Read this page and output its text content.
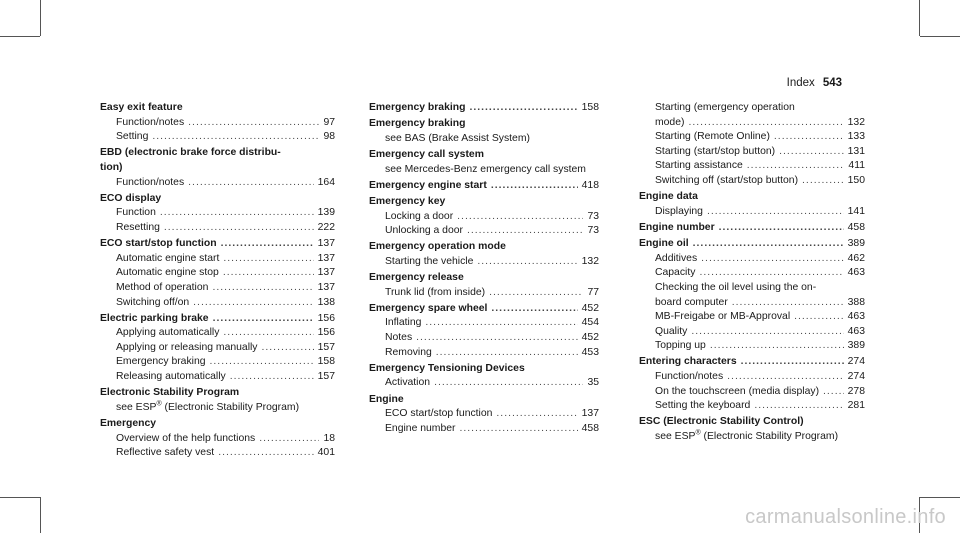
Index 543
Easy exit feature
Function/notes .....	97
Setting .....	98
EBD (electronic brake force distribu-
tion)
Function/notes .....	164
ECO display
Function .....	139
Resetting .....	222
ECO start/stop function .....	137
Automatic engine start .....	137
Automatic engine stop .....	137
Method of operation .....	137
Switching off/on .....	138
Electric parking brake .....	156
Applying automatically .....	156
Applying or releasing manually .....	157
Emergency braking .....	158
Releasing automatically .....	157
Electronic Stability Program
see ESP® (Electronic Stability Program)
Emergency
Overview of the help functions .....	18
Reflective safety vest .....	401
Emergency braking .....	158
Emergency braking
see BAS (Brake Assist System)
Emergency call system
see Mercedes-Benz emergency call system
Emergency engine start .....	418
Emergency key
Locking a door .....	73
Unlocking a door .....	73
Emergency operation mode
Starting the vehicle .....	132
Emergency release
Trunk lid (from inside) .....	77
Emergency spare wheel .....	452
Inflating .....	454
Notes .....	452
Removing .....	453
Emergency Tensioning Devices
Activation .....	35
Engine
ECO start/stop function .....	137
Engine number .....	458
Starting (emergency operation
mode) .....	132
Starting (Remote Online) .....	133
Starting (start/stop button) .....	131
Starting assistance .....	411
Switching off (start/stop button) .....	150
Engine data
Displaying .....	141
Engine number .....	458
Engine oil .....	389
Additives .....	462
Capacity .....	463
Checking the oil level using the on-
board computer .....	388
MB-Freigabe or MB-Approval .....	463
Quality .....	463
Topping up .....	389
Entering characters .....	274
Function/notes .....	274
On the touchscreen (media display) .....	278
Setting the keyboard .....	281
ESC (Electronic Stability Control)
see ESP® (Electronic Stability Program)
carmanualsonline.info
